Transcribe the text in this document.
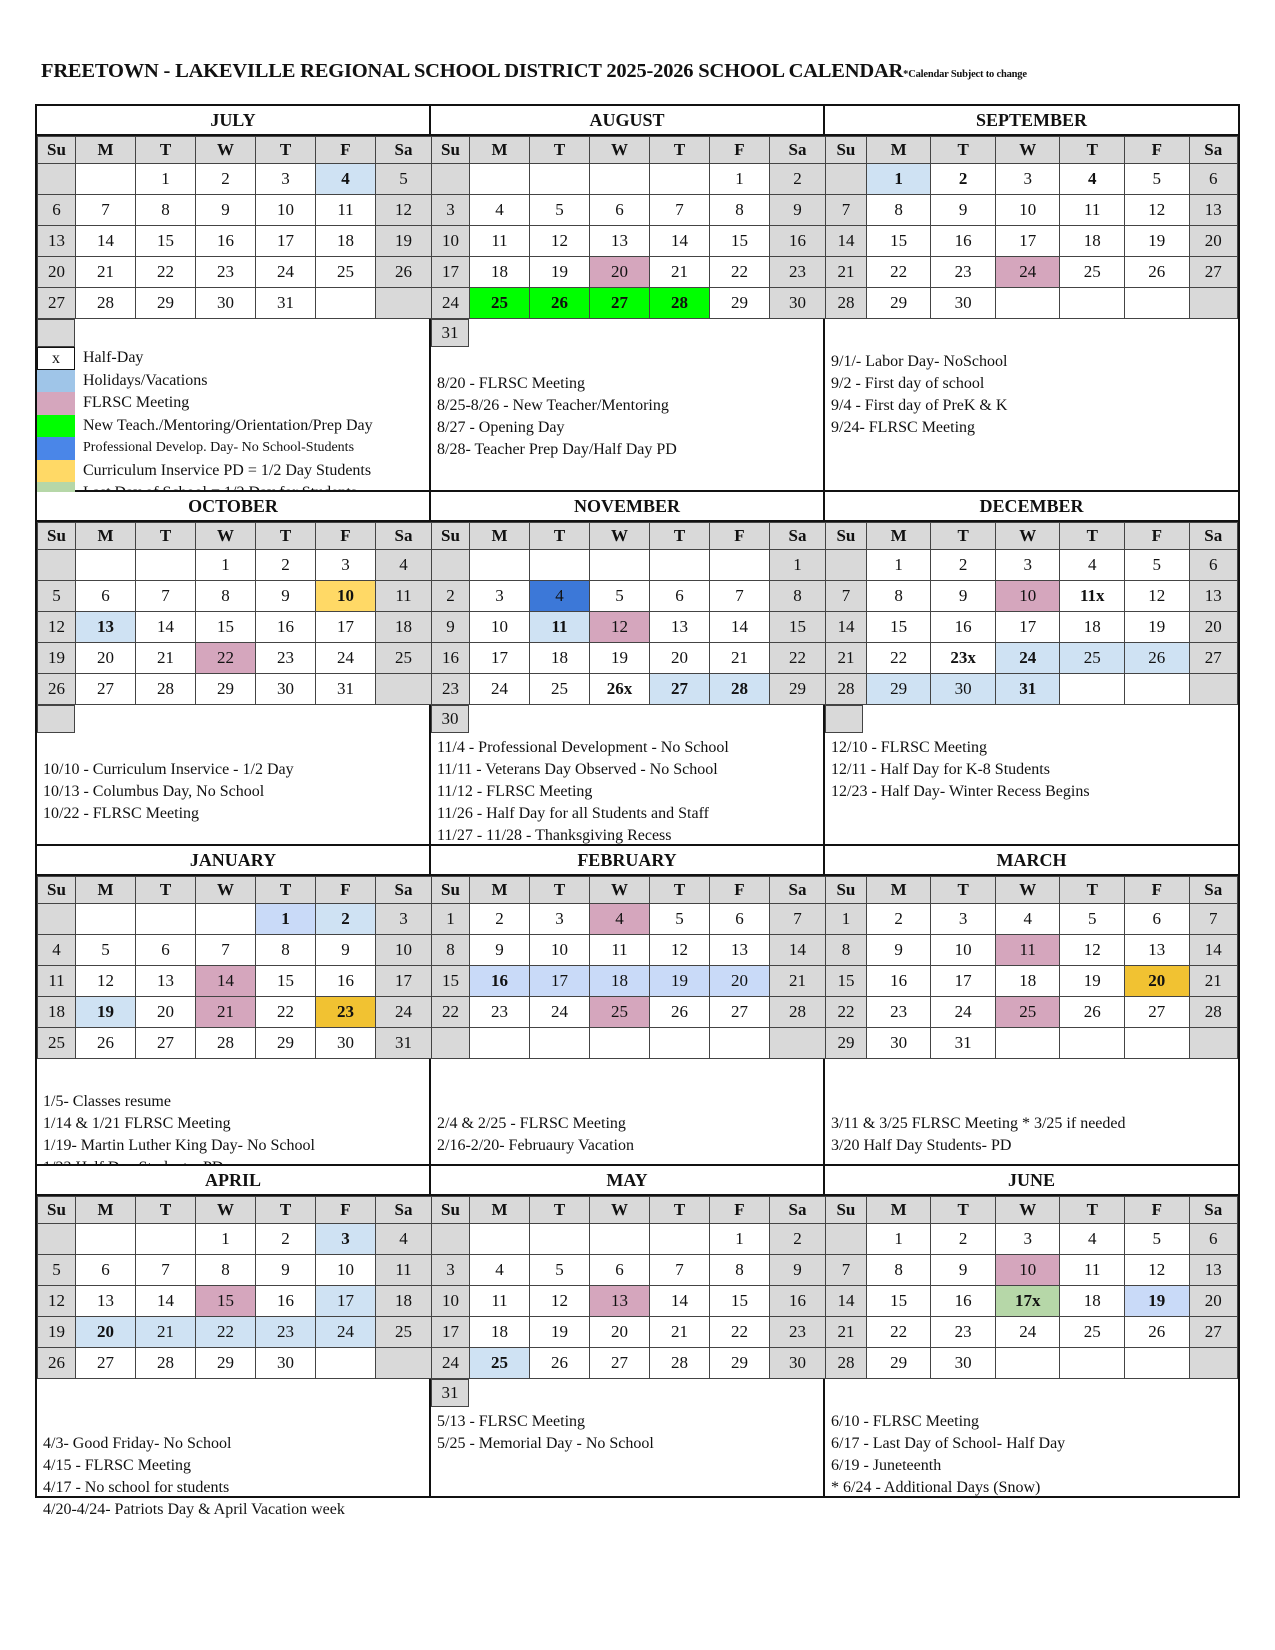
FREETOWN - LAKEVILLE REGIONAL SCHOOL DISTRICT 2025-2026 SCHOOL CALENDAR*Calendar Subject to change
JULY
Su	M	T	W	T	F	Sa
		1	2	3	4	5
6	7	8	9	10	11	12
13	14	15	16	17	18	19
20	21	22	23	24	25	26
27	28	29	30	31		
x	Half-Day
Holidays/Vacations
FLRSC Meeting
New Teach./Mentoring/Orientation/Prep Day
Professional Develop. Day- No School-Students
Curriculum Inservice PD = 1/2 Day Students
AUGUST
Su	M	T	W	T	F	Sa
					1	2
3	4	5	6	7	8	9
10	11	12	13	14	15	16
17	18	19	20	21	22	23
24	25	26	27	28	29	30
31
8/20 - FLRSC Meeting
8/25-8/26 - New Teacher/Mentoring
8/27 - Opening Day
8/28- Teacher Prep Day/Half Day PD
SEPTEMBER
Su	M	T	W	T	F	Sa
	1	2	3	4	5	6
7	8	9	10	11	12	13
14	15	16	17	18	19	20
21	22	23	24	25	26	27
28	29	30				
9/1/- Labor Day- NoSchool
9/2 - First day of school
9/4 - First day of PreK & K
9/24- FLRSC Meeting
OCTOBER
Su	M	T	W	T	F	Sa
			1	2	3	4
5	6	7	8	9	10	11
12	13	14	15	16	17	18
19	20	21	22	23	24	25
26	27	28	29	30	31	
10/10 - Curriculum Inservice - 1/2 Day
10/13 - Columbus Day, No School
10/22 - FLRSC Meeting
NOVEMBER
Su	M	T	W	T	F	Sa
						1
2	3	4	5	6	7	8
9	10	11	12	13	14	15
16	17	18	19	20	21	22
23	24	25	26x	27	28	29
30
11/4 - Professional Development - No School
11/11 - Veterans Day Observed - No School
11/12 - FLRSC Meeting
11/26 - Half Day for all Students and Staff
11/27 - 11/28 - Thanksgiving Recess
DECEMBER
Su	M	T	W	T	F	Sa
	1	2	3	4	5	6
7	8	9	10	11x	12	13
14	15	16	17	18	19	20
21	22	23x	24	25	26	27
28	29	30	31			
12/10 - FLRSC Meeting
12/11 - Half Day for K-8 Students
12/23 - Half Day- Winter Recess Begins
JANUARY
Su	M	T	W	T	F	Sa
				1	2	3
4	5	6	7	8	9	10
11	12	13	14	15	16	17
18	19	20	21	22	23	24
25	26	27	28	29	30	31
1/5- Classes resume
1/14 & 1/21 FLRSC Meeting
1/19- Martin Luther King Day- No School
FEBRUARY
Su	M	T	W	T	F	Sa
1	2	3	4	5	6	7
8	9	10	11	12	13	14
15	16	17	18	19	20	21
22	23	24	25	26	27	28

2/4 & 2/25 - FLRSC Meeting
2/16-2/20- Februaury Vacation
MARCH
Su	M	T	W	T	F	Sa
1	2	3	4	5	6	7
8	9	10	11	12	13	14
15	16	17	18	19	20	21
22	23	24	25	26	27	28
29	30	31				
3/11 & 3/25 FLRSC Meeting * 3/25 if needed
3/20 Half Day Students- PD
APRIL
Su	M	T	W	T	F	Sa
			1	2	3	4
5	6	7	8	9	10	11
12	13	14	15	16	17	18
19	20	21	22	23	24	25
26	27	28	29	30		
4/3- Good Friday- No School
4/15 - FLRSC Meeting
4/17 - No school for students
4/20-4/24- Patriots Day & April Vacation week
MAY
Su	M	T	W	T	F	Sa
					1	2
3	4	5	6	7	8	9
10	11	12	13	14	15	16
17	18	19	20	21	22	23
24	25	26	27	28	29	30
31
5/13 - FLRSC Meeting
5/25 - Memorial Day - No School
JUNE
Su	M	T	W	T	F	Sa
	1	2	3	4	5	6
7	8	9	10	11	12	13
14	15	16	17x	18	19	20
21	22	23	24	25	26	27
28	29	30				
6/10 - FLRSC Meeting
6/17 - Last Day of School- Half Day
6/19 - Juneteenth
* 6/24 - Additional Days (Snow)
